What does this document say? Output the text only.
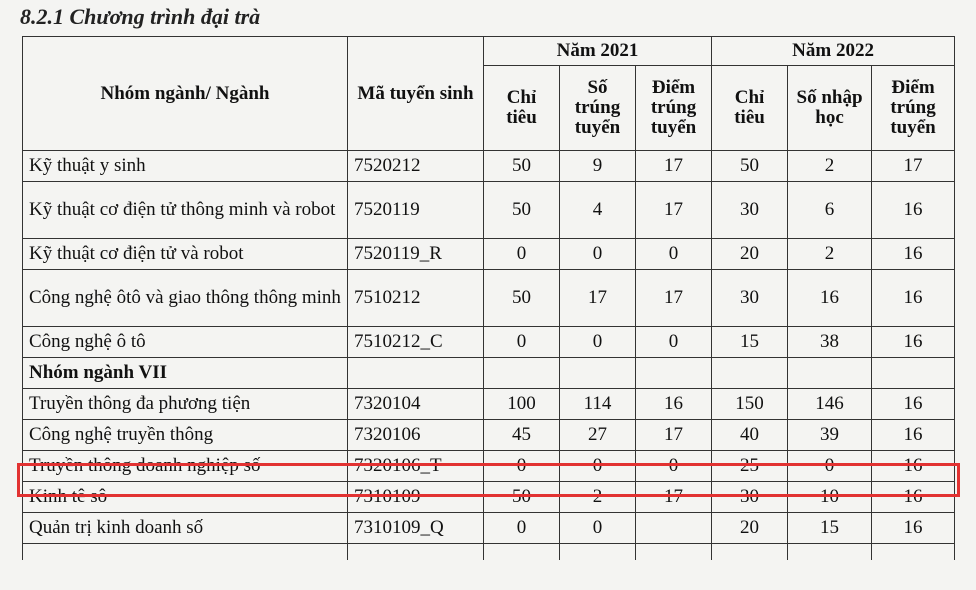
8.2.1 Chương trình đại trà
Nhóm ngành/ Ngành	Mã tuyển sinh	Năm 2021			Năm 2022		
		Chỉ tiêu	Số trúng tuyển	Điểm trúng tuyển	Chỉ tiêu	Số nhập học	Điểm trúng tuyển
Kỹ thuật y sinh	7520212	50	9	17	50	2	17
Kỹ thuật cơ điện tử thông minh và robot	7520119	50	4	17	30	6	16
Kỹ thuật cơ điện tử và robot	7520119_R	0	0	0	20	2	16
Công nghệ ôtô và giao thông thông minh	7510212	50	17	17	30	16	16
Công nghệ ô tô	7510212_C	0	0	0	15	38	16
Nhóm ngành VII							
Truyền thông đa phương tiện	7320104	100	114	16	150	146	16
Công nghệ truyền thông	7320106	45	27	17	40	39	16
Truyền thông doanh nghiệp số	7320106_T	0	0	0	25	0	16
Kinh tê sô	7310109	50	2	17	30	10	16
Quản trị kinh doanh số	7310109_Q	0	0		20	15	16
